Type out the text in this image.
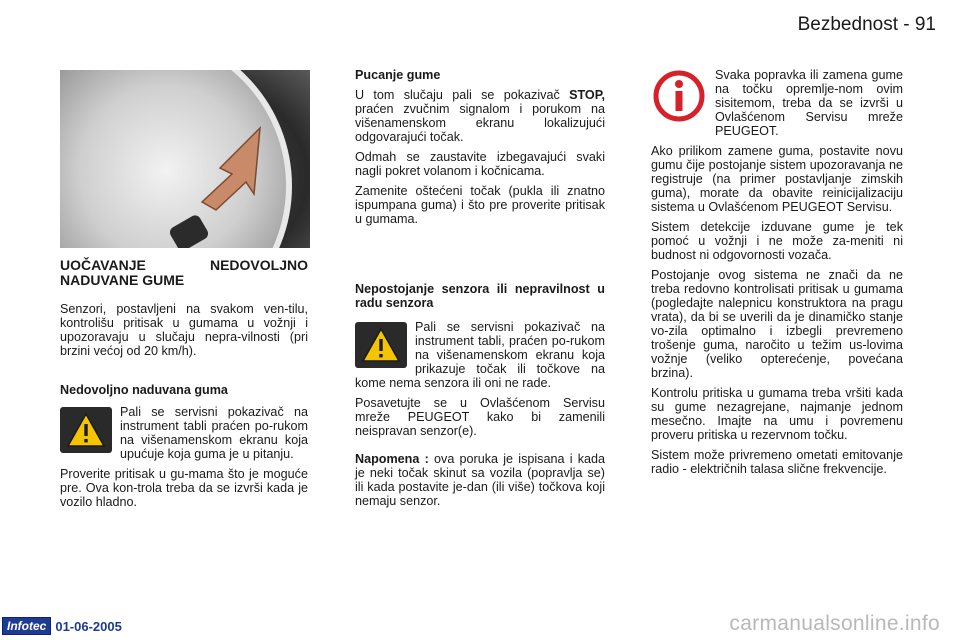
Bezbednost - 91

UOČAVANJE NEDOVOLJNO NADUVANE GUME

Senzori, postavljeni na svakom ven-tilu, kontrolišu pritisak u gumama u vožnji i upozoravaju u slučaju nepra-vilnosti (pri brzini većoj od 20 km/h).

Nedovoljno naduvana guma

Pali se servisni pokazivač na instrument tabli praćen po-rukom na višenamenskom ekranu koja upućuje koja guma je u pitanju.

Proverite pritisak u gu-mama što je moguće pre. Ova kon-trola treba da se izvrši kada je vozilo hladno.

Pucanje gume

U tom slučaju pali se pokazivač STOP, praćen zvučnim signalom i porukom na višenamenskom ekranu lokalizujući odgovarajući točak.

Odmah se zaustavite izbegavajući svaki nagli pokret volanom i kočnicama.

Zamenite oštećeni točak (pukla ili znatno ispumpana guma) i što pre proverite pritisak u gumama.

Nepostojanje senzora ili nepravilnost u radu senzora

Pali se servisni pokazivač na instrument tabli, praćen po-rukom na višenamenskom ekranu koja prikazuje točak ili točkove na kome nema senzora ili oni ne rade.

Posavetujte se u Ovlašćenom Servisu mreže PEUGEOT kako bi zamenili neispravan senzor(e).

Napomena : ova poruka je ispisana i kada je neki točak skinut sa vozila (popravlja se) ili kada postavite je-dan (ili više) točkova koji nemaju senzor.

Svaka popravka ili zamena gume na točku opremlje-nom ovim sisitemom, treba da se izvrši u Ovlašćenom Servisu mreže PEUGEOT.

Ako prilikom zamene guma, postavite novu gumu čije postojanje sistem upozoravanja ne registruje (na primer postavljanje zimskih guma), morate da obavite reinicijalizaciju sistema u Ovlašćenom PEUGEOT Servisu.

Sistem detekcije izduvane gume je tek pomoć u vožnji i ne može za-meniti ni budnost ni odgovornosti vozača.

Postojanje ovog sistema ne znači da ne treba redovno kontrolisati pritisak u gumama (pogledajte nalepnicu konstruktora na pragu vrata), da bi se uverili da je dinamičko stanje vo-zila optimalno i izbegli prevremeno trošenje guma, naročito u težim us-lovima vožnje (veliko opterećenje, povećana brzina).

Kontrolu pritiska u gumama treba vršiti kada su gume nezagrejane, najmanje jednom mesečno. Imajte na umu i povremenu proveru pritiska u rezervnom točku.

Sistem može privremeno ometati emitovanje radio - električnih talasa slične frekvencije.

Infotec 01-06-2005	carmanualsonline.info
